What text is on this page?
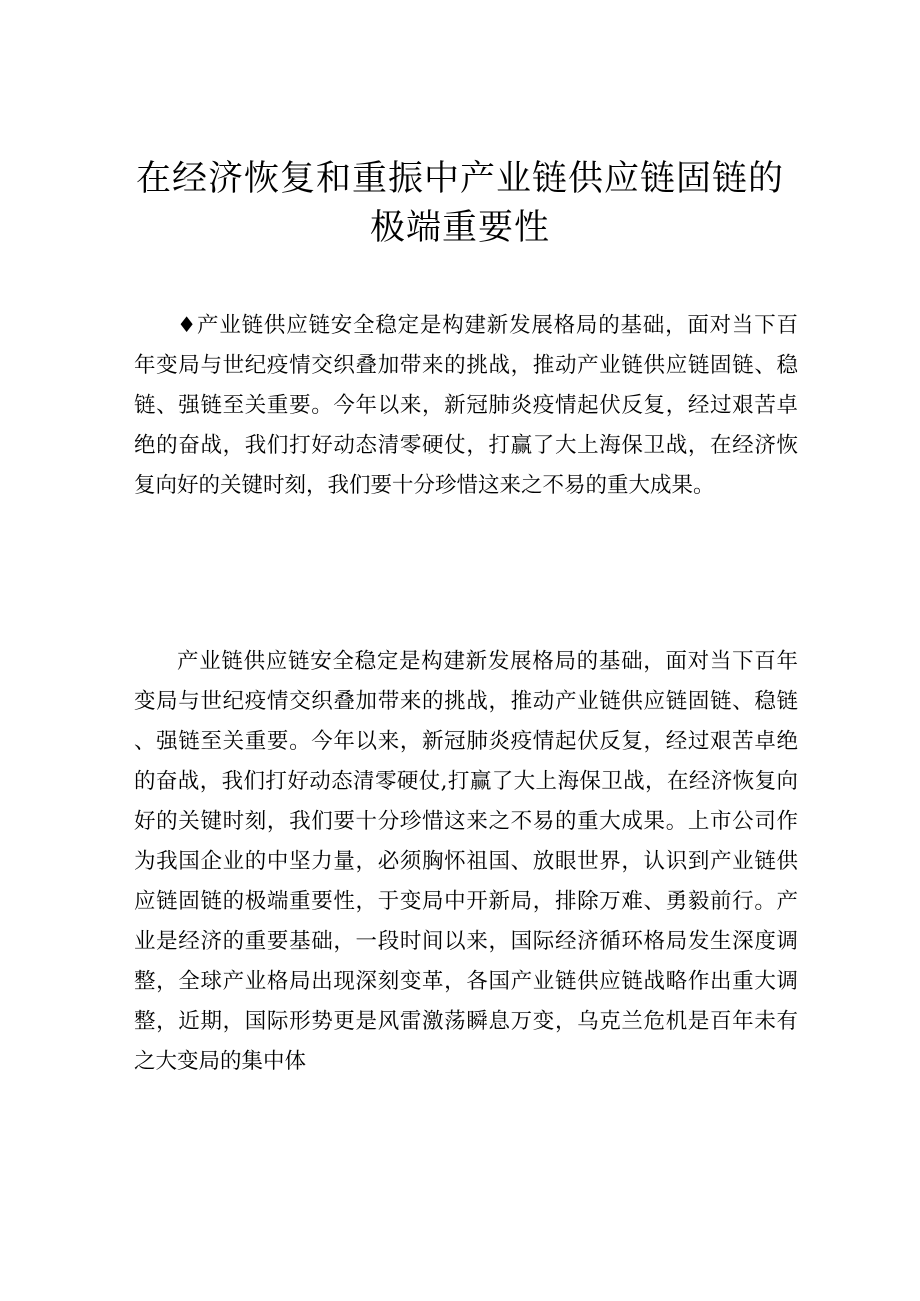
在经济恢复和重振中产业链供应链固链的
极端重要性

♦产业链供应链安全稳定是构建新发展格局的基础，面对当下百年变局与世纪疫情交织叠加带来的挑战，推动产业链供应链固链、稳链、强链至关重要。今年以来，新冠肺炎疫情起伏反复，经过艰苦卓绝的奋战，我们打好动态清零硬仗，打赢了大上海保卫战，在经济恢复向好的关键时刻，我们要十分珍惜这来之不易的重大成果。

产业链供应链安全稳定是构建新发展格局的基础，面对当下百年变局与世纪疫情交织叠加带来的挑战，推动产业链供应链固链、稳链、强链至关重要。今年以来，新冠肺炎疫情起伏反复，经过艰苦卓绝的奋战，我们打好动态清零硬仗,打赢了大上海保卫战，在经济恢复向好的关键时刻，我们要十分珍惜这来之不易的重大成果。上市公司作为我国企业的中坚力量，必须胸怀祖国、放眼世界，认识到产业链供应链固链的极端重要性，于变局中开新局，排除万难、勇毅前行。产业是经济的重要基础，一段时间以来，国际经济循环格局发生深度调整，全球产业格局出现深刻变革，各国产业链供应链战略作出重大调整，近期，国际形势更是风雷激荡瞬息万变，乌克兰危机是百年未有之大变局的集中体
